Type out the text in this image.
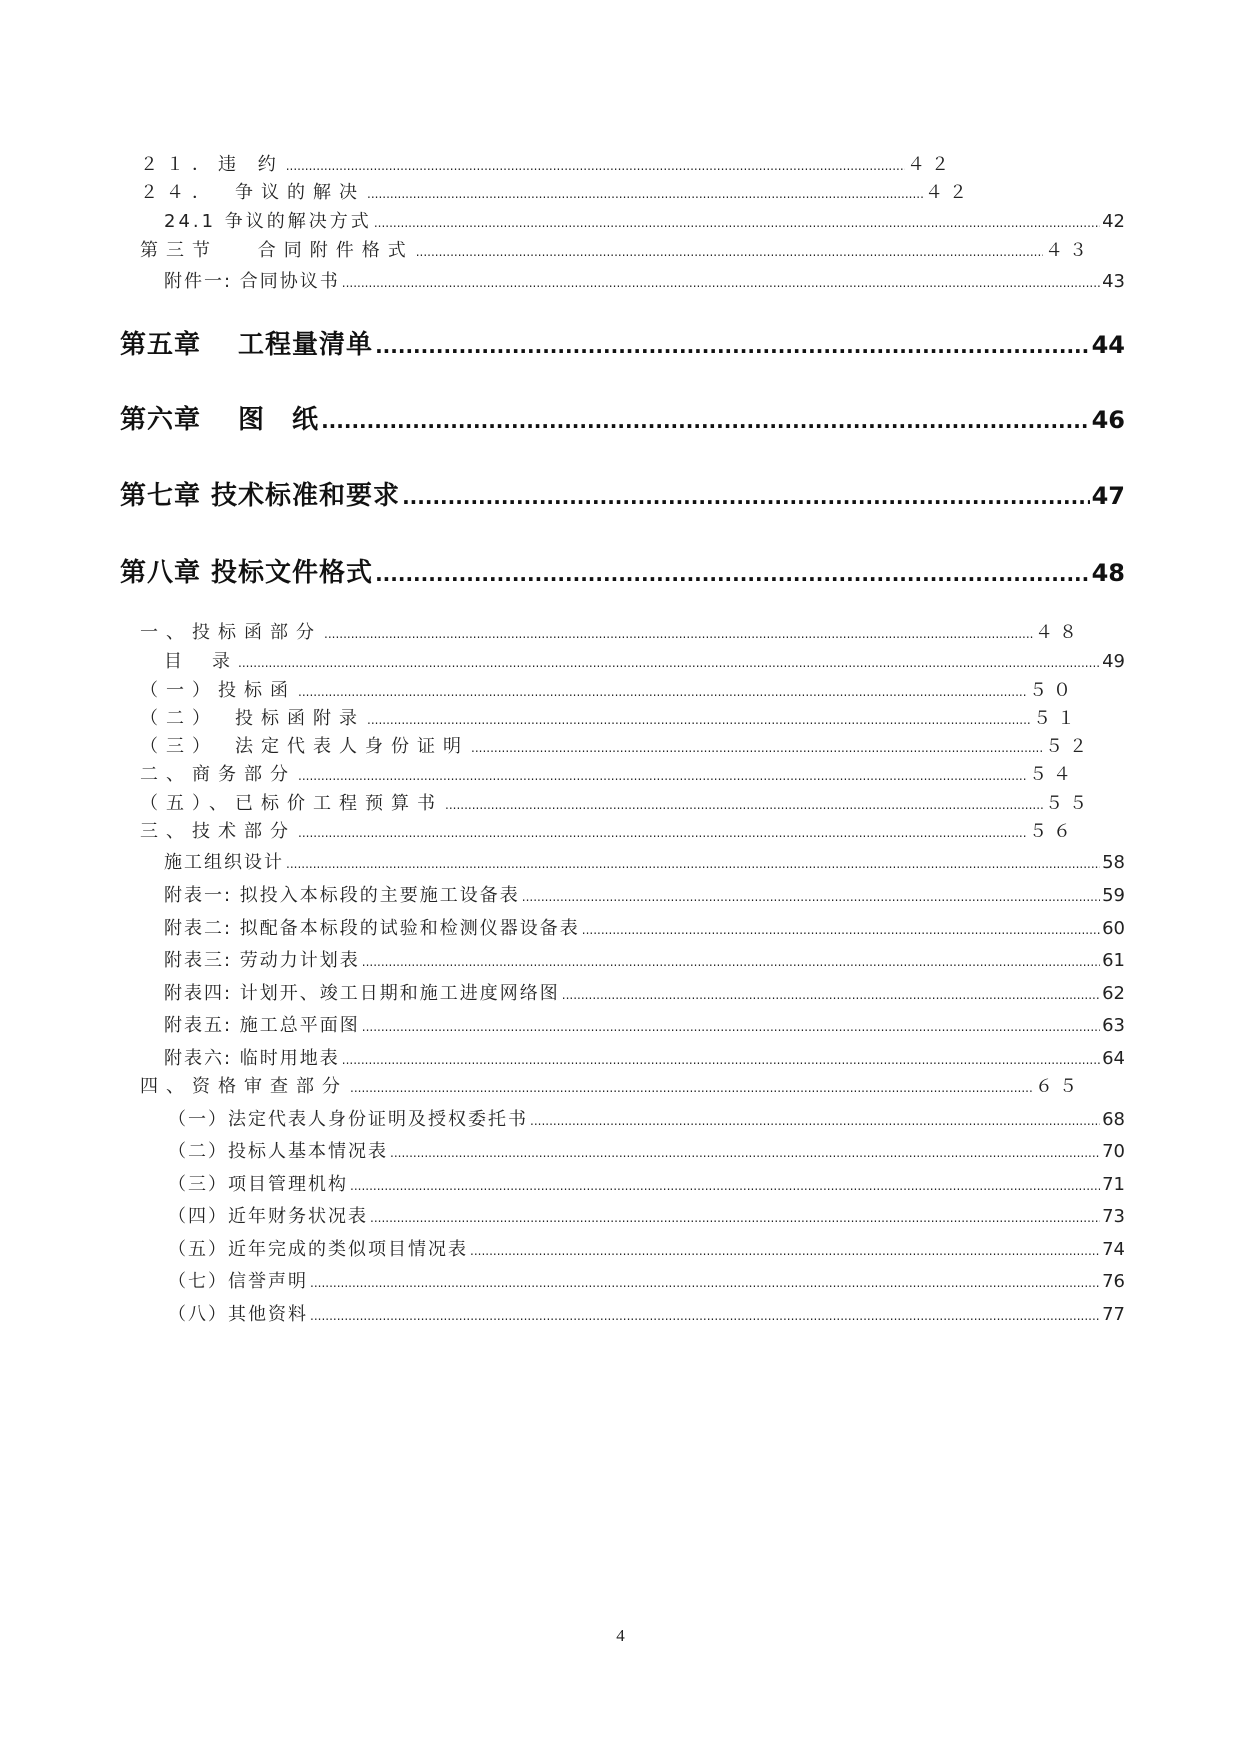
２１．违 约 .....	４２
２４．　争议的解决 .....	４２
24.1 争议的解决方式 .....	42
第三节　 合同附件格式 .....	４３
附件一: 合同协议书 .....	43
第五章　 工程量清单 .....	44
第六章　 图　纸 .....	46
第七章 技术标准和要求 .....	47
第八章 投标文件格式 .....	48
一、投标函部分 .....	４８
目　录 .....	49
（一）投标函 .....	５０
（二）　投标函附录 .....	５１
（三）　法定代表人身份证明 .....	５２
二、商务部分 .....	５４
（五）、已标价工程预算书 .....	５５
三、技术部分 .....	５６
施工组织设计 .....	58
附表一: 拟投入本标段的主要施工设备表 .....	59
附表二: 拟配备本标段的试验和检测仪器设备表 .....	60
附表三: 劳动力计划表 .....	61
附表四: 计划开、竣工日期和施工进度网络图 .....	62
附表五: 施工总平面图 .....	63
附表六: 临时用地表 .....	64
四、资格审查部分 .....	６５
（一）法定代表人身份证明及授权委托书 .....	68
（二）投标人基本情况表 .....	70
（三）项目管理机构 .....	71
（四）近年财务状况表 .....	73
（五）近年完成的类似项目情况表 .....	74
（七）信誉声明 .....	76
（八）其他资料 .....	77
4
